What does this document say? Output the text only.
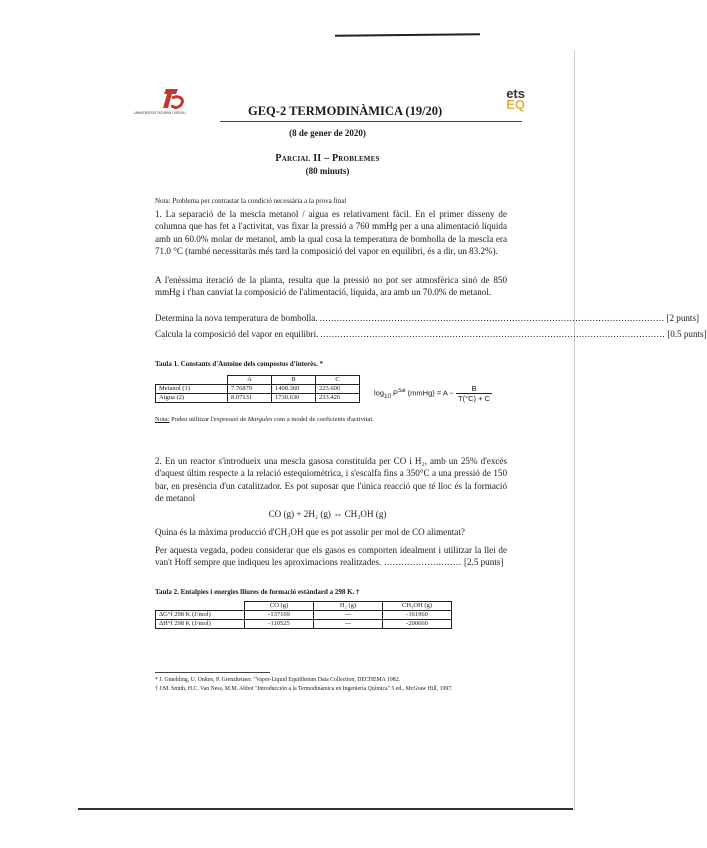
UNIVERSITAT ROVIRA I VIRGILI
ets
EQ
GEQ-2 TERMODINÀMICA (19/20)
(8 de gener de 2020)
Parcial II – Problemes
(80 minuts)
Nota: Problema per contrastar la condició necessària a la prova final
1. La separació de la mescla metanol / aigua es relativament fàcil. En el primer disseny de columna que has fet a l'activitat, vas fixar la pressió a 760 mmHg per a una alimentació líquida amb un 60.0% molar de metanol, amb la qual cosa la temperatura de bombolla de la mescla era 71.0 °C (també necessitaràs més tard la composició del vapor en equilibri, és a dir, un 83.2%).
A l'enèssima iteració de la planta, resulta que la pressió no pot ser atmosfèrica sinó de 850 mmHg i t'han canviat la composició de l'alimentació, líquida, ara amb un 70.0% de metanol.
Determina la nova temperatura de bombolla. ........................................................................................................................ [2 punts]
Calcula la composició del vapor en equilibri. ........................................................................................................................ [0.5 punts]
Taula 1. Constants d'Antoine dels compostos d'interès. *
	A	B	C
Metanol (1)	7.76879	1408.360	223.600
Aigua (2)	8.07131	1730.630	233.426
$\log_{10} P^{Sat}$ (mmHg) = $A - \frac{B}{T(^\circ C) + C}$
Nota: Podeu utilitzar l'expressió de Margules com a model de coeficients d'activitat.
2. En un reactor s'introdueix una mescla gasosa constituïda per CO i H₂, amb un 25% d'excés d'aquest últim respecte a la relació estequiomètrica, i s'escalfa fins a 350°C a una pressió de 150 bar, en presència d'un catalitzador. Es pot suposar que l'única reacció que té lloc és la formació de metanol
CO (g) + 2H₂ (g) ⇔ CH₃OH (g)
Quina és la màxima producció d'CH₃OH que es pot assolir per mol de CO alimentat?
Per aquesta vegada, podeu considerar que els gasos es comporten idealment i utilitzar la llei de van't Hoff sempre que indiqueu les aproximacions realitzades. ........................... [2.5 punts]
Taula 2. Entalpies i energies lliures de formació estàndard a 298 K. †
	CO (g)	H₂ (g)	CH₃OH (g)
ΔG°f 298 K (J/mol)	-137169	---	-161960
ΔH°f 298 K (J/mol)	-110525	---	-200660
* J. Gmehling, U. Onken, P. Grenzheuser. "Vapor-Liquid Equilibrium Data Collection, DECHEMA 1982.
† J.M. Smith, H.C. Van Ness, M.M. Abbot "Introducción a la Termodinámica en Ingeniería Química" 5 ed., McGraw Hill, 1997.
